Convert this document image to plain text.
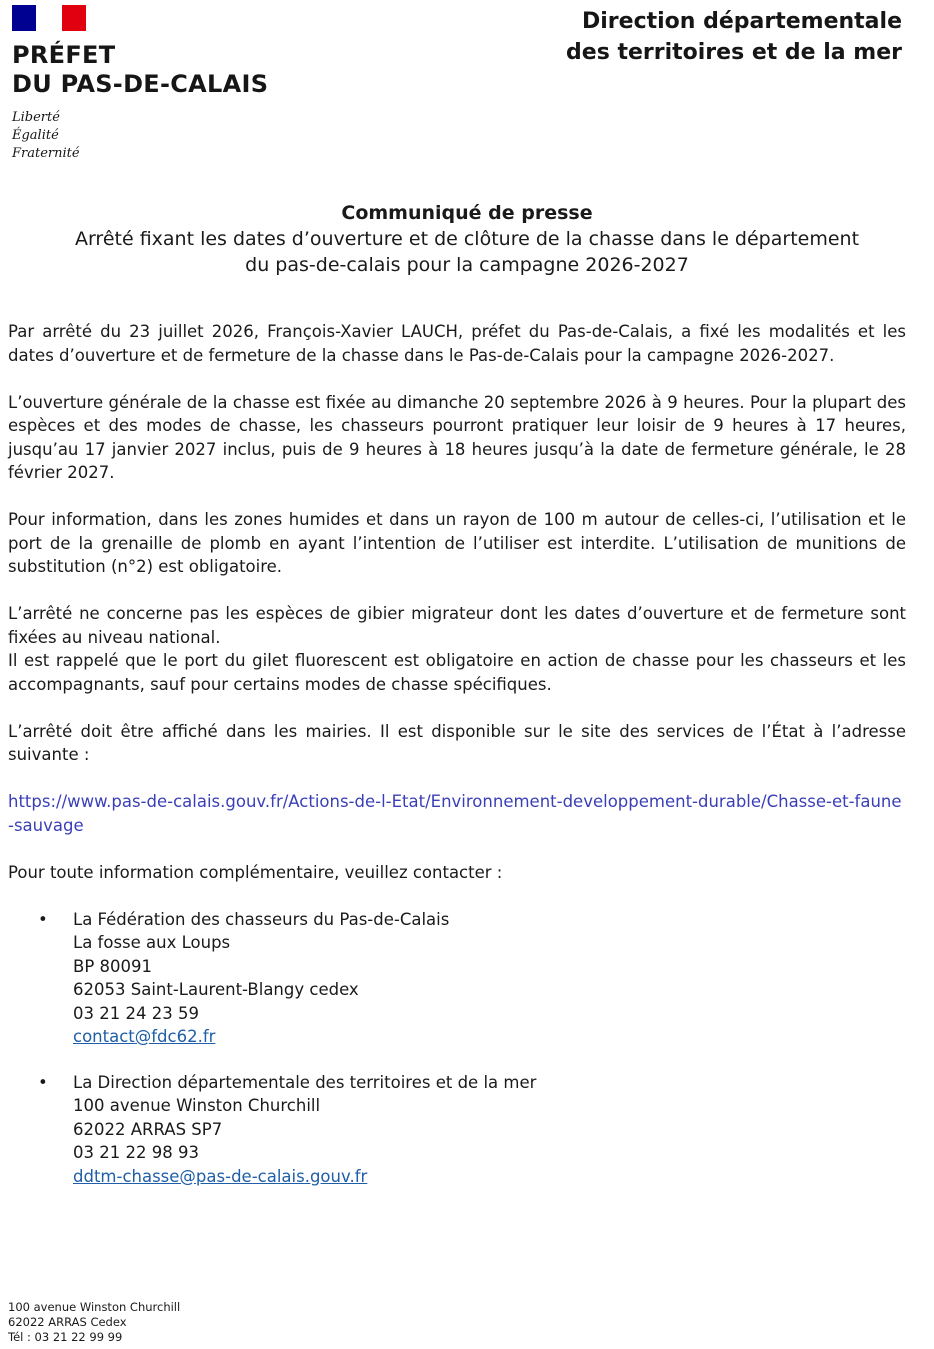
PRÉFET
DU PAS-DE-CALAIS
Liberté
Égalité
Fraternité
Direction départementale
des territoires et de la mer
Communiqué de presse
Arrêté fixant les dates d’ouverture et de clôture de la chasse dans le département
du pas-de-calais pour la campagne 2026-2027

Par arrêté du 23 juillet 2026, François-Xavier LAUCH, préfet du Pas-de-Calais, a fixé les modalités et les dates d’ouverture et de fermeture de la chasse dans le Pas-de-Calais pour la campagne 2026-2027.

L’ouverture générale de la chasse est fixée au dimanche 20 septembre 2026 à 9 heures. Pour la plupart des espèces et des modes de chasse, les chasseurs pourront pratiquer leur loisir de 9 heures à 17 heures, jusqu’au 17 janvier 2027 inclus, puis de 9 heures à 18 heures jusqu’à la date de fermeture générale, le 28 février 2027.

Pour information, dans les zones humides et dans un rayon de 100 m autour de celles-ci, l’utilisation et le port de la grenaille de plomb en ayant l’intention de l’utiliser est interdite. L’utilisation de munitions de substitution (n°2) est obligatoire.

L’arrêté ne concerne pas les espèces de gibier migrateur dont les dates d’ouverture et de fermeture sont fixées au niveau national.

Il est rappelé que le port du gilet fluorescent est obligatoire en action de chasse pour les chasseurs et les accompagnants, sauf pour certains modes de chasse spécifiques.

L’arrêté doit être affiché dans les mairies. Il est disponible sur le site des services de l’État à l’adresse suivante :

https://www.pas-de-calais.gouv.fr/Actions-de-l-Etat/Environnement-developpement-durable/Chasse-et-faune-sauvage

Pour toute information complémentaire, veuillez contacter :

• La Fédération des chasseurs du Pas-de-Calais
La fosse aux Loups
BP 80091
62053 Saint-Laurent-Blangy cedex
03 21 24 23 59
contact@fdc62.fr
• La Direction départementale des territoires et de la mer
100 avenue Winston Churchill
62022 ARRAS SP7
03 21 22 98 93
ddtm-chasse@pas-de-calais.gouv.fr
100 avenue Winston Churchill
62022 ARRAS Cedex
Tél : 03 21 22 99 99
